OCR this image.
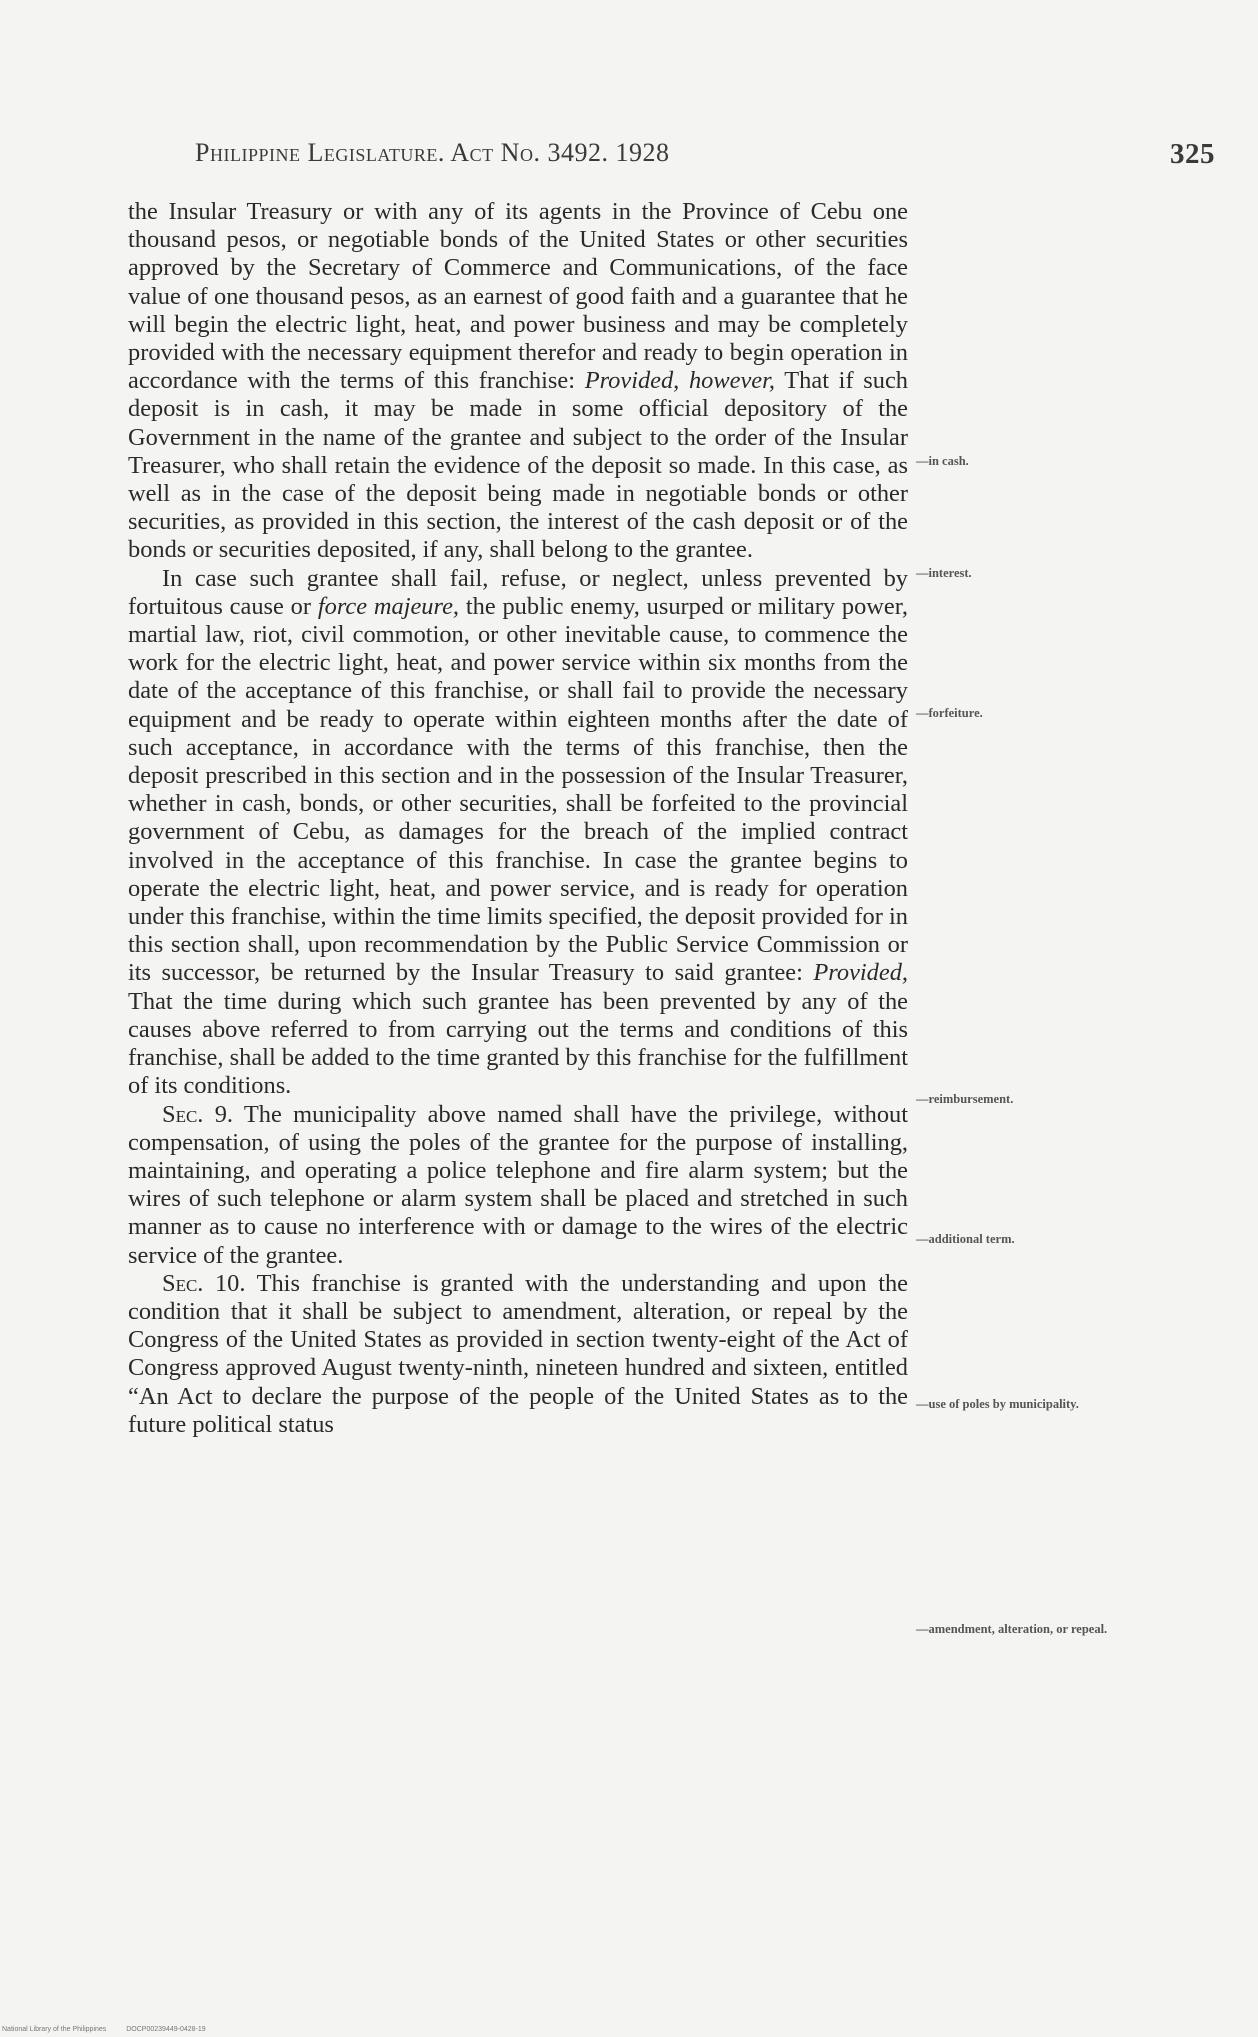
Philippine Legislature. Act No. 3492. 1928	325

the Insular Treasury or with any of its agents in the Province of Cebu one thousand pesos, or negotiable bonds of the United States or other securities approved by the Secretary of Commerce and Communications, of the face value of one thousand pesos, as an earnest of good faith and a guarantee that he will begin the electric light, heat, and power business and may be completely provided with the necessary equipment therefor and ready to begin operation in accordance with the terms of this franchise: Provided, however, That if such deposit is in cash, it may be made in some official depository of the Government in the name of the grantee and subject to the order of the Insular Treasurer, who shall retain the evidence of the deposit so made. In this case, as well as in the case of the deposit being made in negotiable bonds or other securities, as provided in this section, the interest of the cash deposit or of the bonds or securities deposited, if any, shall belong to the grantee.

In case such grantee shall fail, refuse, or neglect, unless prevented by fortuitous cause or force majeure, the public enemy, usurped or military power, martial law, riot, civil commotion, or other inevitable cause, to commence the work for the electric light, heat, and power service within six months from the date of the acceptance of this franchise, or shall fail to provide the necessary equipment and be ready to operate within eighteen months after the date of such acceptance, in accordance with the terms of this franchise, then the deposit prescribed in this section and in the possession of the Insular Treasurer, whether in cash, bonds, or other securities, shall be forfeited to the provincial government of Cebu, as damages for the breach of the implied contract involved in the acceptance of this franchise. In case the grantee begins to operate the electric light, heat, and power service, and is ready for operation under this franchise, within the time limits specified, the deposit provided for in this section shall, upon recommendation by the Public Service Commission or its successor, be returned by the Insular Treasury to said grantee: Provided, That the time during which such grantee has been prevented by any of the causes above referred to from carrying out the terms and conditions of this franchise, shall be added to the time granted by this franchise for the fulfillment of its conditions.

Sec. 9. The municipality above named shall have the privilege, without compensation, of using the poles of the grantee for the purpose of installing, maintaining, and operating a police telephone and fire alarm system; but the wires of such telephone or alarm system shall be placed and stretched in such manner as to cause no interference with or damage to the wires of the electric service of the grantee.

Sec. 10. This franchise is granted with the understanding and upon the condition that it shall be subject to amendment, alteration, or repeal by the Congress of the United States as provided in section twenty-eight of the Act of Congress approved August twenty-ninth, nineteen hundred and sixteen, entitled “An Act to declare the purpose of the people of the United States as to the future political status

—in cash.
—interest.
—forfeiture.
—reimbursement.
—additional term.
—use of poles by municipality.
—amendment, alteration, or repeal.
National Library of the Philippines	DOCP00239449-0428-19
